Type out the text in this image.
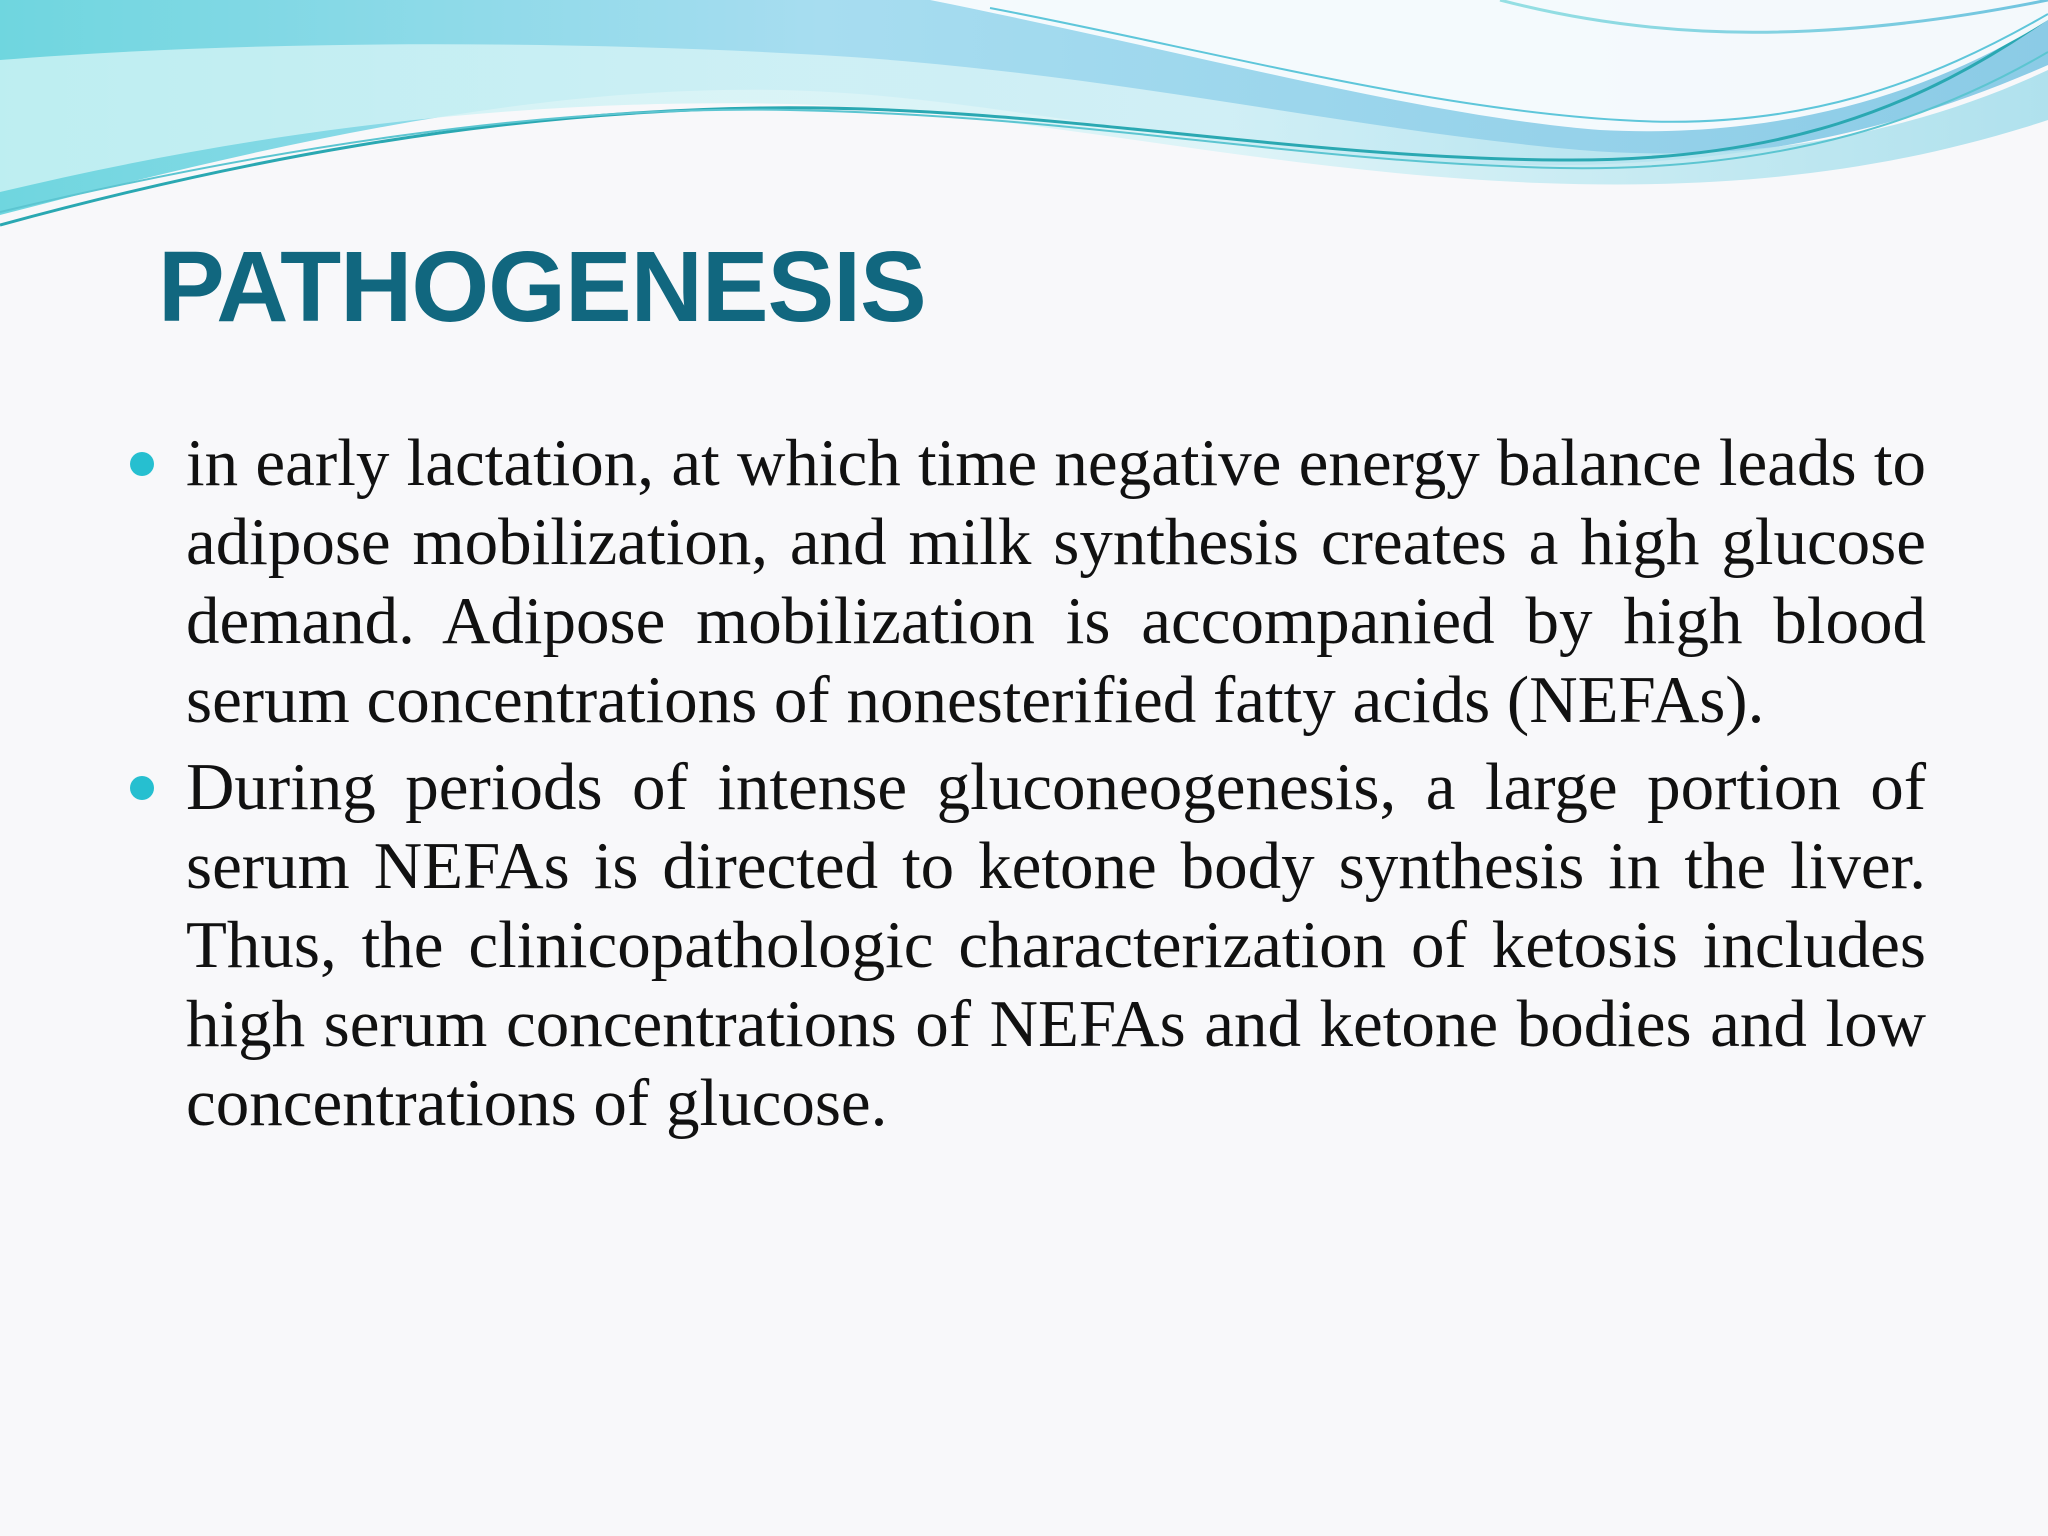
PATHOGENESIS
in early lactation, at which time negative energy balance leads to adipose mobilization, and milk synthesis creates a high glucose demand. Adipose mobilization is accompanied by high blood serum concentrations of nonesterified fatty acids (NEFAs).
During periods of intense gluconeogenesis, a large portion of serum NEFAs is directed to ketone body synthesis in the liver. Thus, the clinicopathologic characterization of ketosis includes high serum concentrations of NEFAs and ketone bodies and low concentrations of glucose.
